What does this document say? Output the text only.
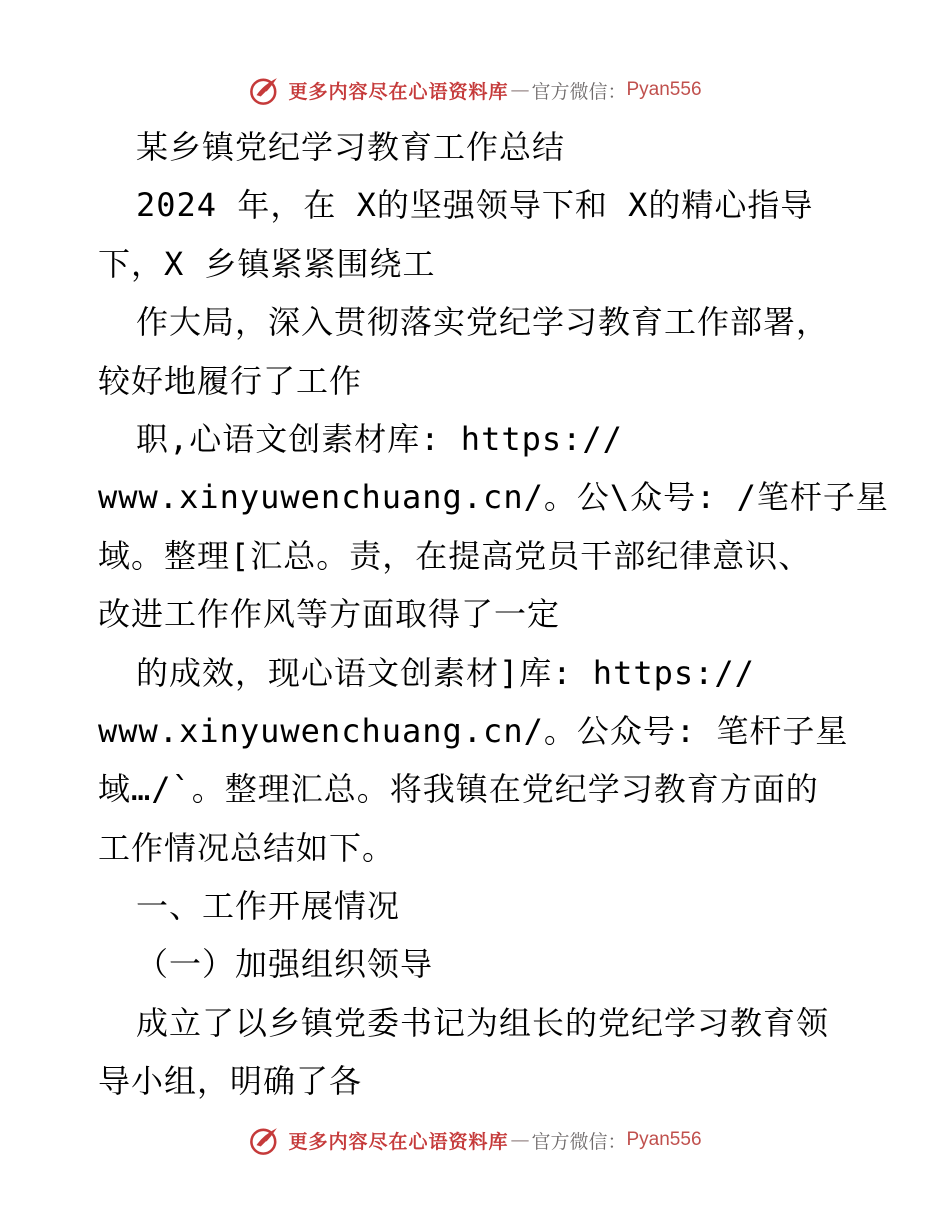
更多内容尽在心语资料库 — 官方微信： Pyan556
某乡镇党纪学习教育工作总结
2024 年，在 X的坚强领导下和 X的精心指导
下，X 乡镇紧紧围绕工
作大局，深入贯彻落实党纪学习教育工作部署，
较好地履行了工作
职,心语文创素材库: https://
www.xinyuwenchuang.cn/。公\众号: /笔杆子星
域。整理[汇总。责，在提高党员干部纪律意识、
改进工作作风等方面取得了一定
的成效，现心语文创素材]库: https://
www.xinyuwenchuang.cn/。公众号: 笔杆子星
域…/`。整理汇总。将我镇在党纪学习教育方面的
工作情况总结如下。
一、工作开展情况
（一）加强组织领导
成立了以乡镇党委书记为组长的党纪学习教育领
导小组，明确了各
更多内容尽在心语资料库 — 官方微信： Pyan556
